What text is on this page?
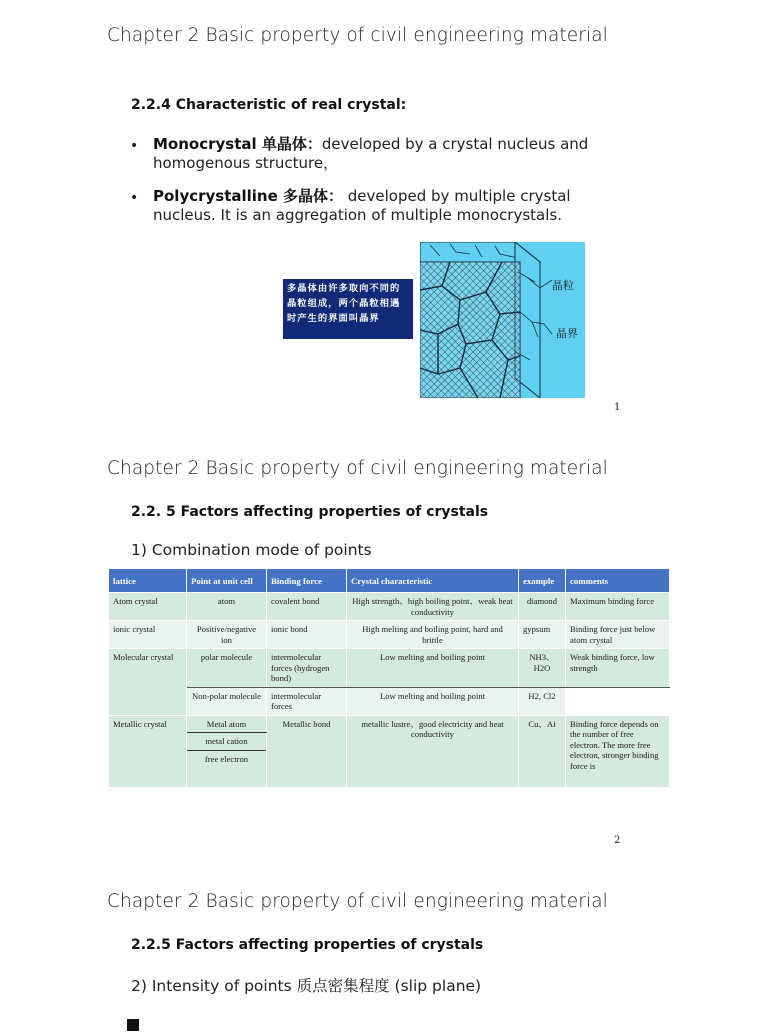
Chapter 2 Basic property of civil engineering material
2.2.4 Characteristic of real crystal:
• Monocrystal 单晶体：developed by a crystal nucleus and homogenous structure，
• Polycrystalline 多晶体： developed by multiple crystal nucleus. It is an aggregation of multiple monocrystals.
多晶体由许多取向不同的晶粒组成，两个晶粒相遇时产生的界面叫晶界
晶粒
晶界
1
Chapter 2 Basic property of civil engineering material
2.2. 5 Factors affecting properties of crystals
1) Combination mode of points
lattice	Point at unit cell	Binding force	Crystal characteristic	example	comments
Atom crystal	atom	covalent bond	High strength、high boiling point、weak heat conductivity	diamond	Maximum binding force
ionic crystal	Positive/negative ion	ionic bond	High melting and boiling point, hard and brittle	gypsum	Binding force just below atom crystal
Molecular crystal	polar molecule	intermolecular forces (hydrogen bond)	Low melting and boiling point	NH3、H2O	Weak binding force, low strength
	Non-polar molecule	intermolecular forces	Low melting and boiling point	H2, Cl2	
Metallic crystal	Metal atom	Metallic bond	metallic lustre、good electricity and heat conductivity	Cu、Ai	Binding force depends on the number of free electron. The more free electron, stronger binding force is
	metal cation				
	free electron				
2
Chapter 2 Basic property of civil engineering material
2.2.5 Factors affecting properties of crystals
2) Intensity of points 质点密集程度 (slip plane)
